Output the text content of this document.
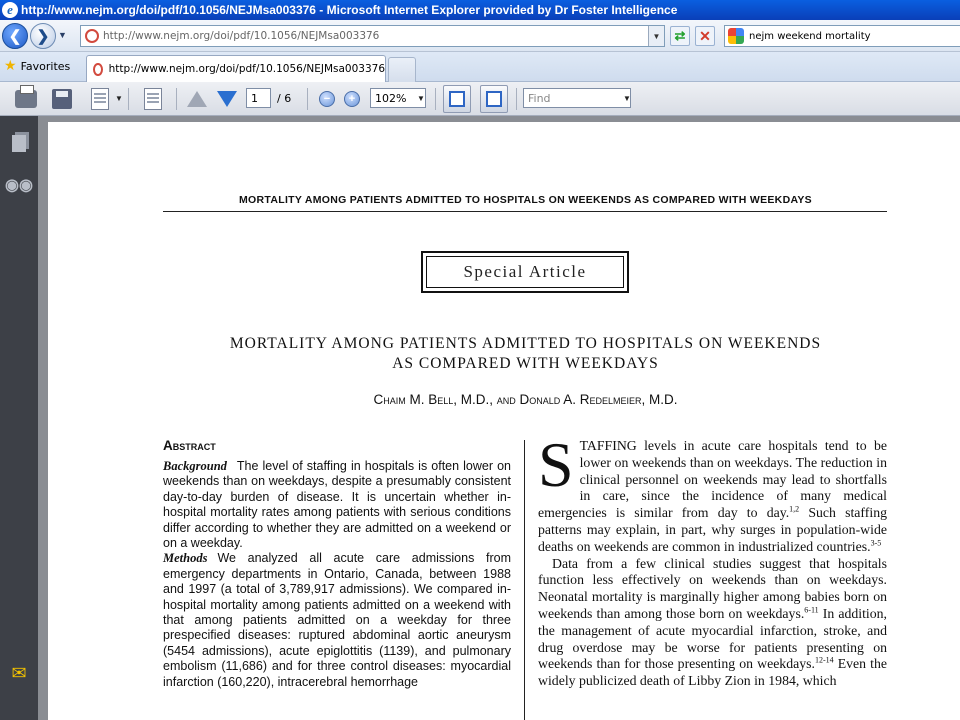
e http://www.nejm.org/doi/pdf/10.1056/NEJMsa003376 - Microsoft Internet Explorer provided by Dr Foster Intelligence
❮ ❯ ▼	http://www.nejm.org/doi/pdf/10.1056/NEJMsa003376	▼ ⇄ ✕	nejm weekend mortality
★ Favorites	http://www.nejm.org/doi/pdf/10.1056/NEJMsa003376
▼	1	/ 6	−	+	102%	▼	Find	▼
◉◉
✉
MORTALITY AMONG PATIENTS ADMITTED TO HOSPITALS ON WEEKENDS AS COMPARED WITH WEEKDAYS
Special Article
MORTALITY AMONG PATIENTS ADMITTED TO HOSPITALS ON WEEKENDS
AS COMPARED WITH WEEKDAYS
Chaim M. Bell, M.D., and Donald A. Redelmeier, M.D.
Abstract
Background The level of staffing in hospitals is often lower on weekends than on weekdays, despite a presumably consistent day-to-day burden of disease. It is uncertain whether in-hospital mortality rates among patients with serious conditions differ according to whether they are admitted on a weekend or on a weekday.
Methods We analyzed all acute care admissions from emergency departments in Ontario, Canada, between 1988 and 1997 (a total of 3,789,917 admissions). We compared in-hospital mortality among patients admitted on a weekend with that among patients admitted on a weekday for three prespecified diseases: ruptured abdominal aortic aneurysm (5454 admissions), acute epiglottitis (1139), and pulmonary embolism (11,686) and for three control diseases: myocardial infarction (160,220), intracerebral hemorrhage

STAFFING levels in acute care hospitals tend to be lower on weekends than on weekdays. The reduction in clinical personnel on weekends may lead to shortfalls in care, since the incidence of many medical emergencies is similar from day to day.$^{1,2}$ Such staffing patterns may explain, in part, why surges in population-wide deaths on weekends are common in industrialized countries.$^{3-5}$

Data from a few clinical studies suggest that hospitals function less effectively on weekends than on weekdays. Neonatal mortality is marginally higher among babies born on weekends than among those born on weekdays.$^{6-11}$ In addition, the management of acute myocardial infarction, stroke, and drug overdose may be worse for patients presenting on weekends than for those presenting on weekdays.$^{12-14}$ Even the widely publicized death of Libby Zion in 1984, which
